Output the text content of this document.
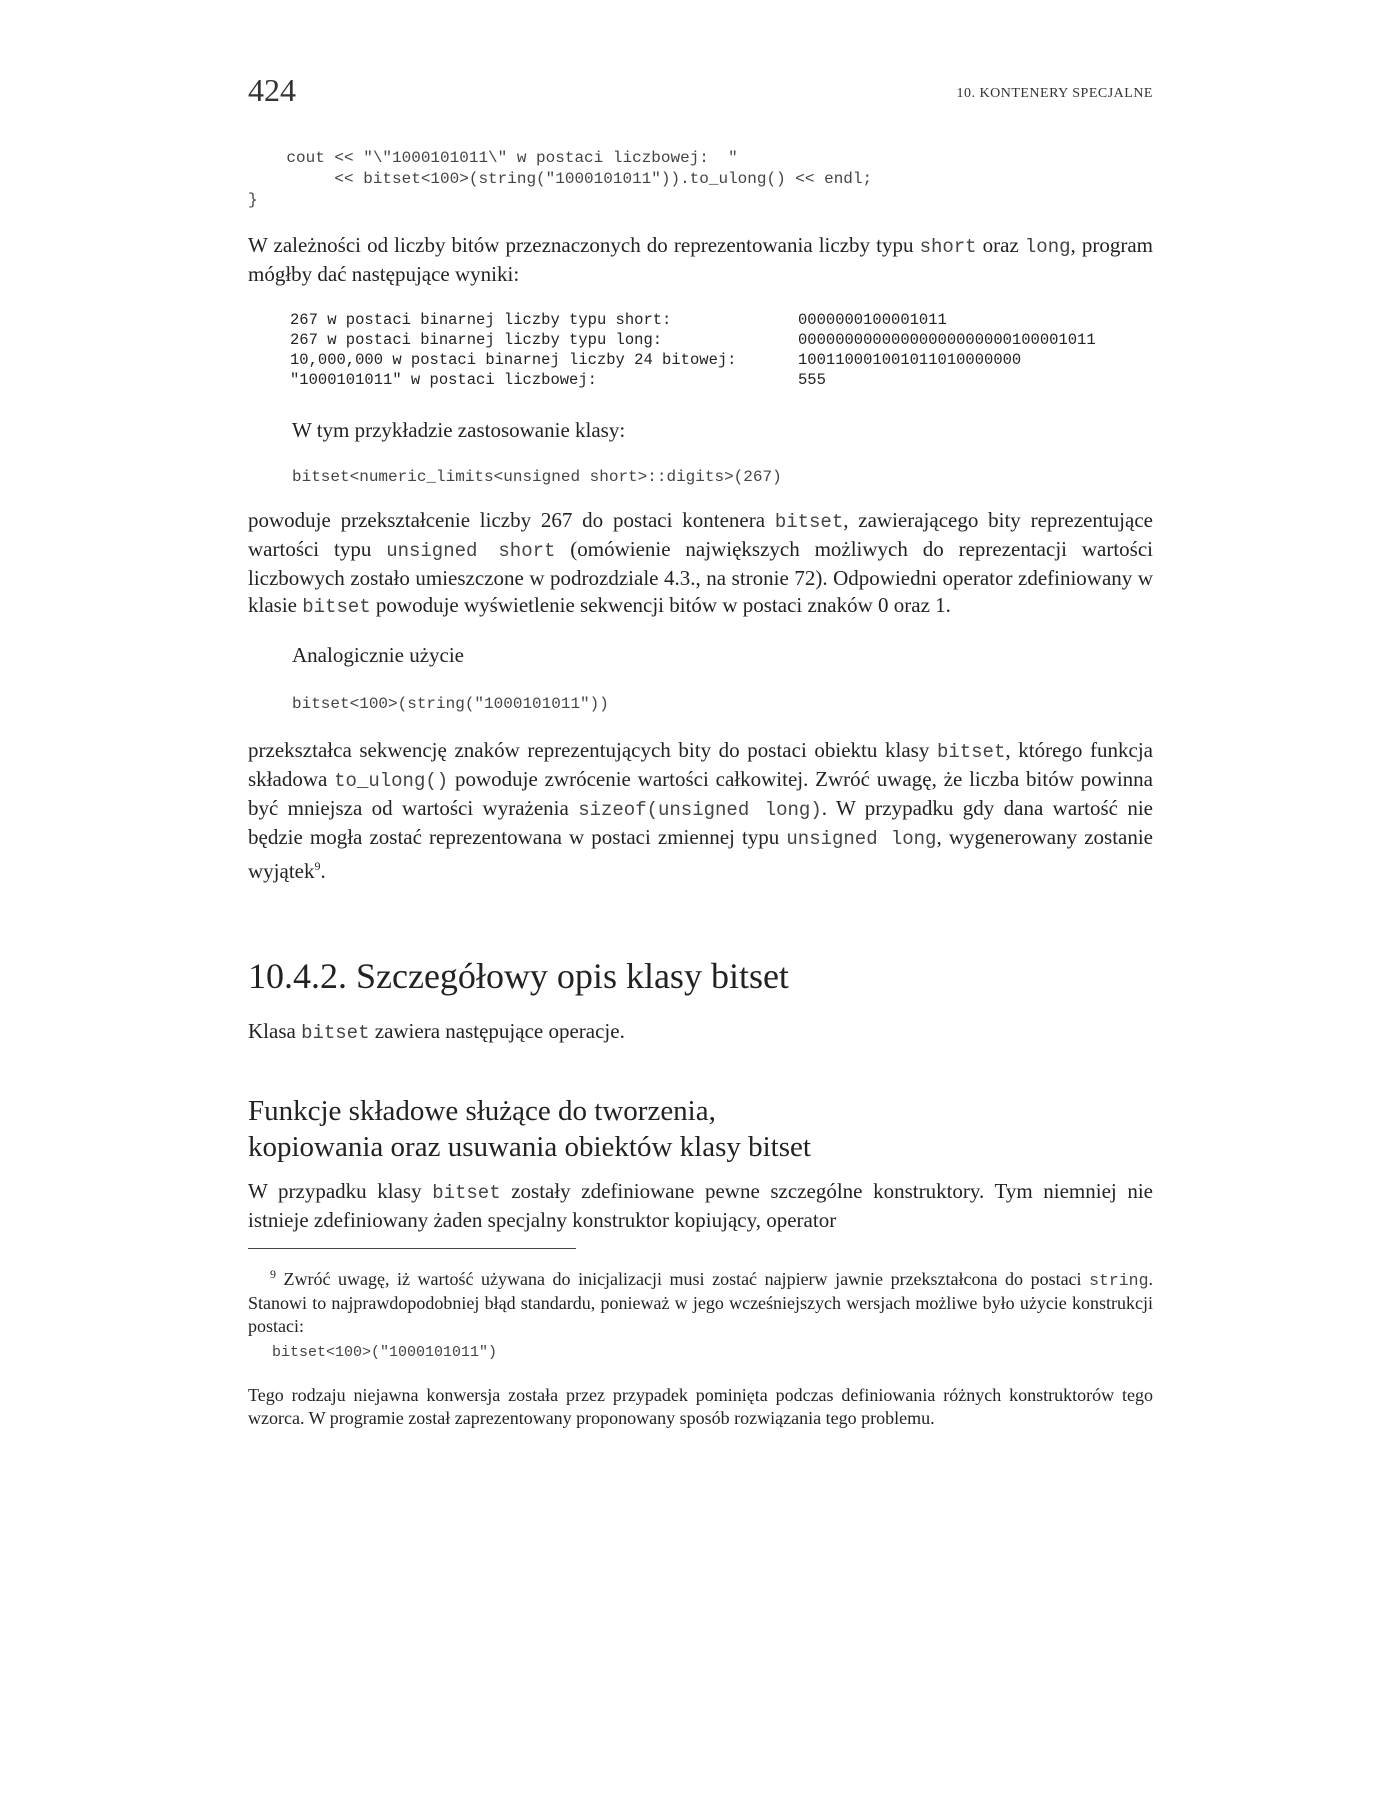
424	10. KONTENERY SPECJALNE
cout << "\"1000101011\" w postaci liczbowej:  "
<< bitset<100>(string("1000101011")).to_ulong() << endl;
}
W zależności od liczby bitów przeznaczonych do reprezentowania liczby typu short oraz long, program mógłby dać następujące wyniki:
267 w postaci binarnej liczby typu short:	0000000100001011
267 w postaci binarnej liczby typu long:	00000000000000000000000100001011
10,000,000 w postaci binarnej liczby 24 bitowej:	100110001001011010000000
"1000101011" w postaci liczbowej:	555
W tym przykładzie zastosowanie klasy:
bitset<numeric_limits<unsigned short>::digits>(267)
powoduje przekształcenie liczby 267 do postaci kontenera bitset, zawierającego bity reprezentujące wartości typu unsigned short (omówienie największych możliwych do reprezentacji wartości liczbowych zostało umieszczone w podrozdziale 4.3., na stronie 72). Odpowiedni operator zdefiniowany w klasie bitset powoduje wyświetlenie sekwencji bitów w postaci znaków 0 oraz 1.
Analogicznie użycie
bitset<100>(string("1000101011"))
przekształca sekwencję znaków reprezentujących bity do postaci obiektu klasy bitset, którego funkcja składowa to_ulong() powoduje zwrócenie wartości całkowitej. Zwróć uwagę, że liczba bitów powinna być mniejsza od wartości wyrażenia sizeof(unsigned long). W przypadku gdy dana wartość nie będzie mogła zostać reprezentowana w postaci zmiennej typu unsigned long, wygenerowany zostanie wyjątek$^9$.
10.4.2. Szczegółowy opis klasy bitset
Klasa bitset zawiera następujące operacje.
Funkcje składowe służące do tworzenia,
kopiowania oraz usuwania obiektów klasy bitset
W przypadku klasy bitset zostały zdefiniowane pewne szczególne konstruktory. Tym niemniej nie istnieje zdefiniowany żaden specjalny konstruktor kopiujący, operator
$^9$ Zwróć uwagę, iż wartość używana do inicjalizacji musi zostać najpierw jawnie przekształcona do postaci string. Stanowi to najprawdopodobniej błąd standardu, ponieważ w jego wcześniejszych wersjach możliwe było użycie konstrukcji postaci:
bitset<100>("1000101011")
Tego rodzaju niejawna konwersja została przez przypadek pominięta podczas definiowania różnych konstruktorów tego wzorca. W programie został zaprezentowany proponowany sposób rozwiązania tego problemu.
